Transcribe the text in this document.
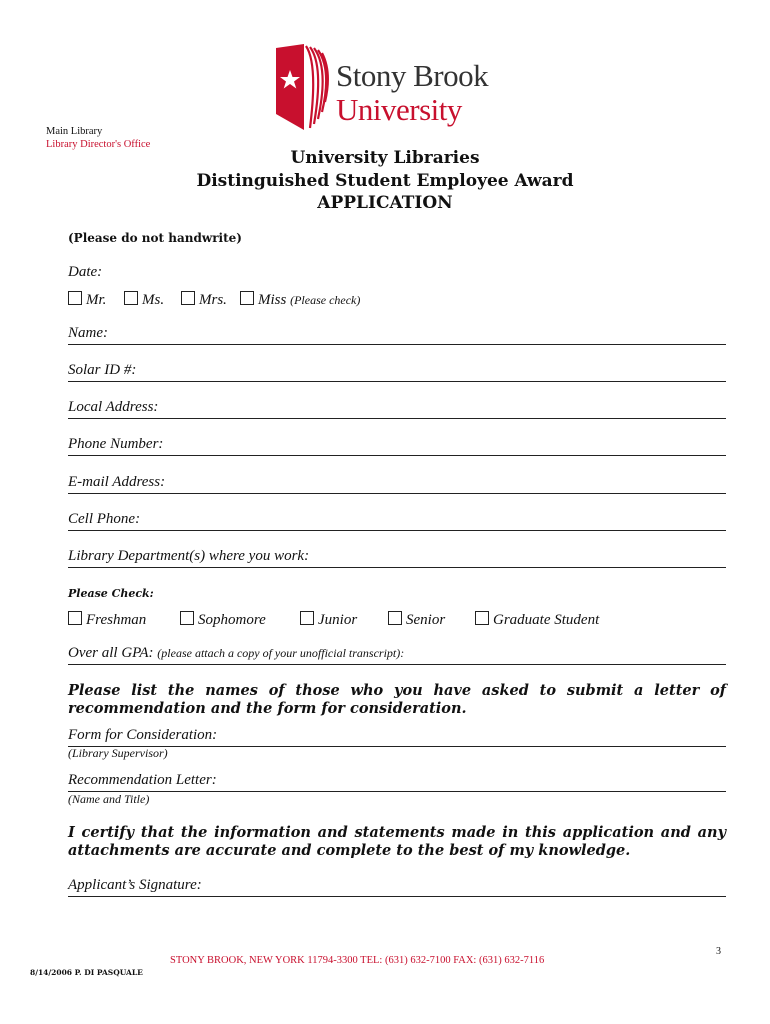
Stony Brook
University
Main Library
Library Director's Office
University Libraries
Distinguished Student Employee Award
APPLICATION
(Please do not handwrite)
Date:
Mr.	Ms.	Mrs.	Miss (Please check)
Name:
Solar ID #:
Local Address:
Phone Number:
E-mail Address:
Cell Phone:
Library Department(s) where you work:
Please Check:
Freshman	Sophomore	Junior	Senior	Graduate Student
Over all GPA: (please attach a copy of your unofficial transcript):
Please list the names of those who you have asked to submit a letter of
recommendation and the form for consideration.
Form for Consideration:
(Library Supervisor)
Recommendation Letter:
(Name and Title)
I certify that the information and statements made in this application and any
attachments are accurate and complete to the best of my knowledge.
Applicant’s Signature:
3
STONY BROOK, NEW YORK 11794-3300 TEL: (631) 632-7100 FAX: (631) 632-7116
8/14/2006 P. DI PASQUALE
